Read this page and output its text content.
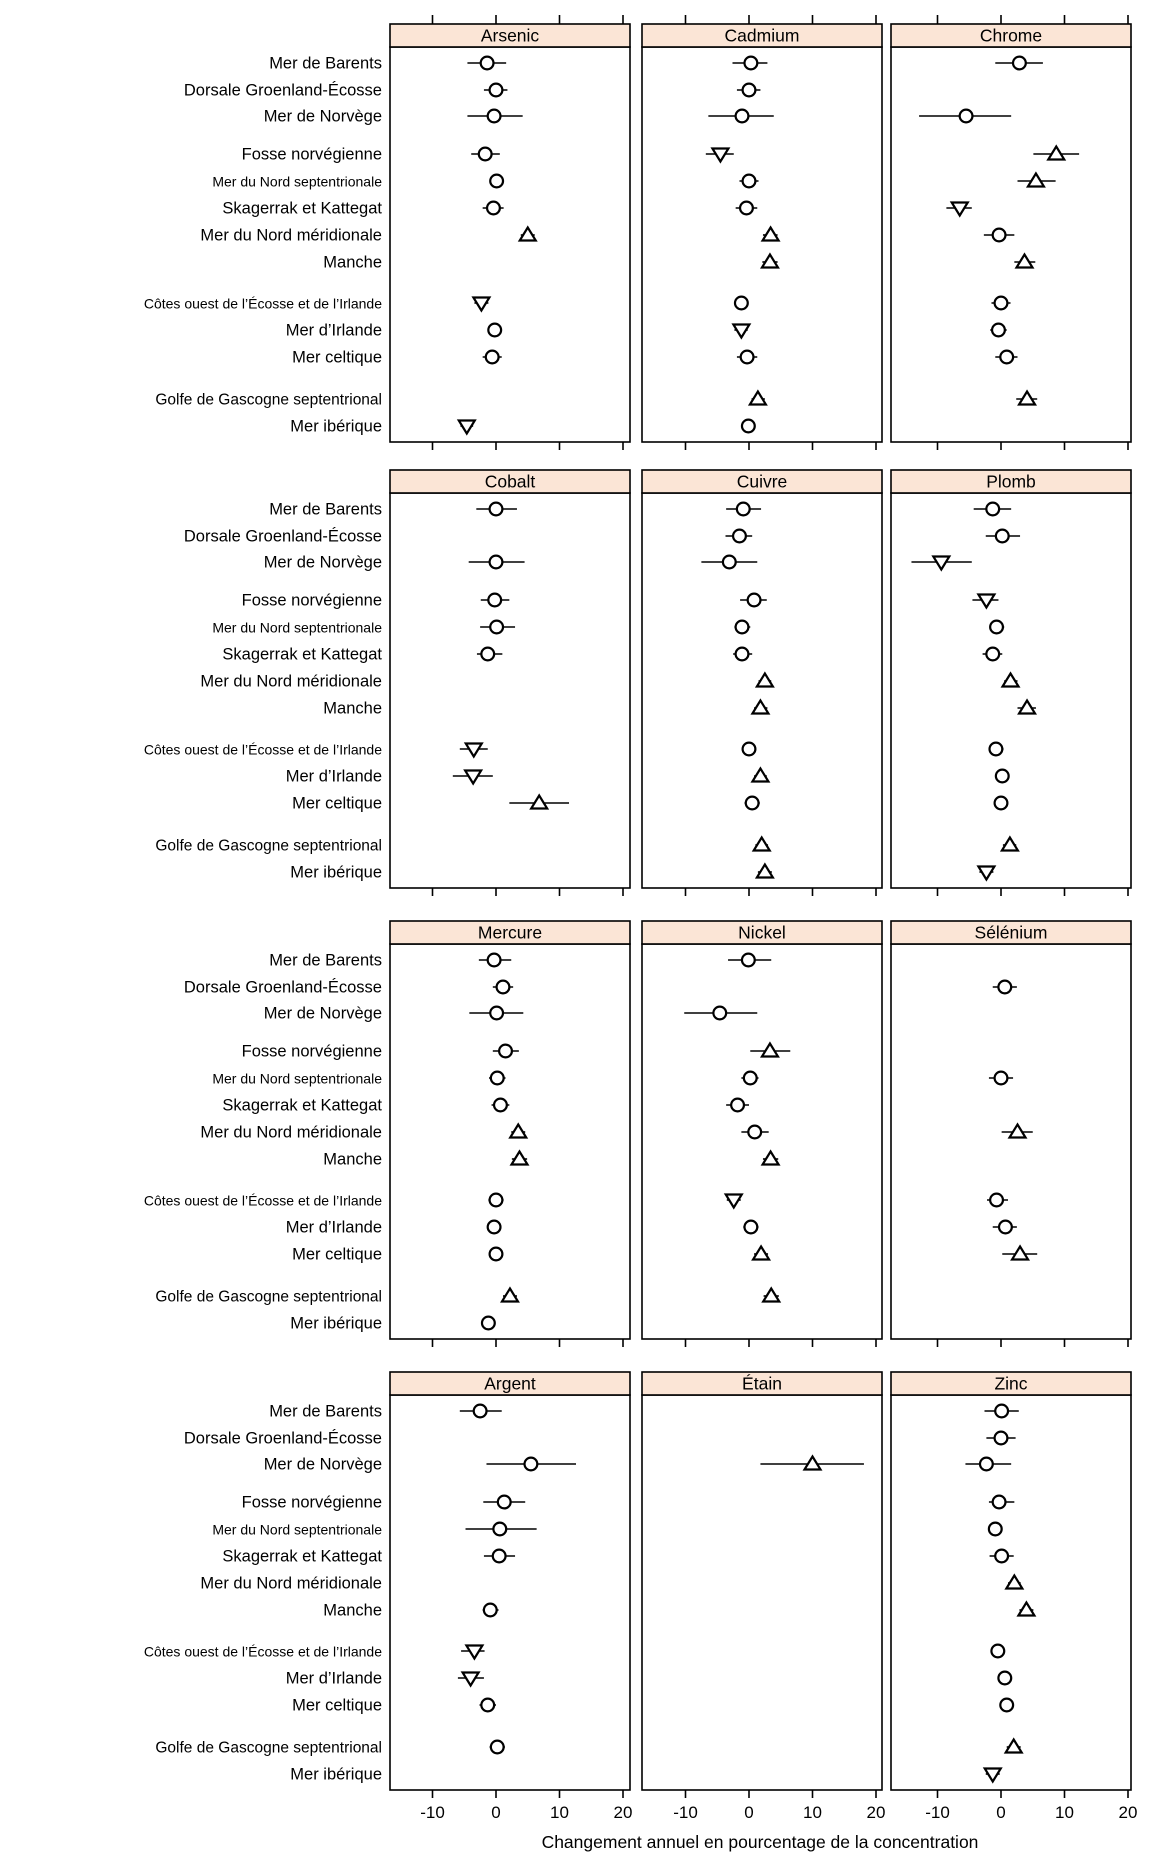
Arsenic	Cadmium	Chrome
Cobalt	Cuivre	Plomb
Mercure	Nickel	Sélénium
Argent
-10	0	10	20
Étain
-10	0	10	20
Zinc
-10	0	10	20
Mer de Barents
Dorsale Groenland-Écosse
Mer de Norvège
Fosse norvégienne
Mer du Nord septentrionale
Skagerrak et Kattegat
Mer du Nord méridionale
Manche
Côtes ouest de l’Écosse et de l’Irlande
Mer d’Irlande
Mer celtique
Golfe de Gascogne septentrional
Mer ibérique
Mer de Barents
Dorsale Groenland-Écosse
Mer de Norvège
Fosse norvégienne
Mer du Nord septentrionale
Skagerrak et Kattegat
Mer du Nord méridionale
Manche
Côtes ouest de l’Écosse et de l’Irlande
Mer d’Irlande
Mer celtique
Golfe de Gascogne septentrional
Mer ibérique
Mer de Barents
Dorsale Groenland-Écosse
Mer de Norvège
Fosse norvégienne
Mer du Nord septentrionale
Skagerrak et Kattegat
Mer du Nord méridionale
Manche
Côtes ouest de l’Écosse et de l’Irlande
Mer d’Irlande
Mer celtique
Golfe de Gascogne septentrional
Mer ibérique
Mer de Barents
Dorsale Groenland-Écosse
Mer de Norvège
Fosse norvégienne
Mer du Nord septentrionale
Skagerrak et Kattegat
Mer du Nord méridionale
Manche
Côtes ouest de l’Écosse et de l’Irlande
Mer d’Irlande
Mer celtique
Golfe de Gascogne septentrional
Mer ibérique
Changement annuel en pourcentage de la concentration
